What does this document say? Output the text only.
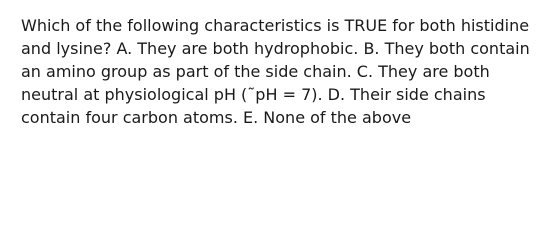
Which of the following characteristics is TRUE for both histidine and lysine? A. They are both hydrophobic. B. They both contain an amino group as part of the side chain. C. They are both neutral at physiological pH (˜pH = 7). D. Their side chains contain four carbon atoms. E. None of the above
